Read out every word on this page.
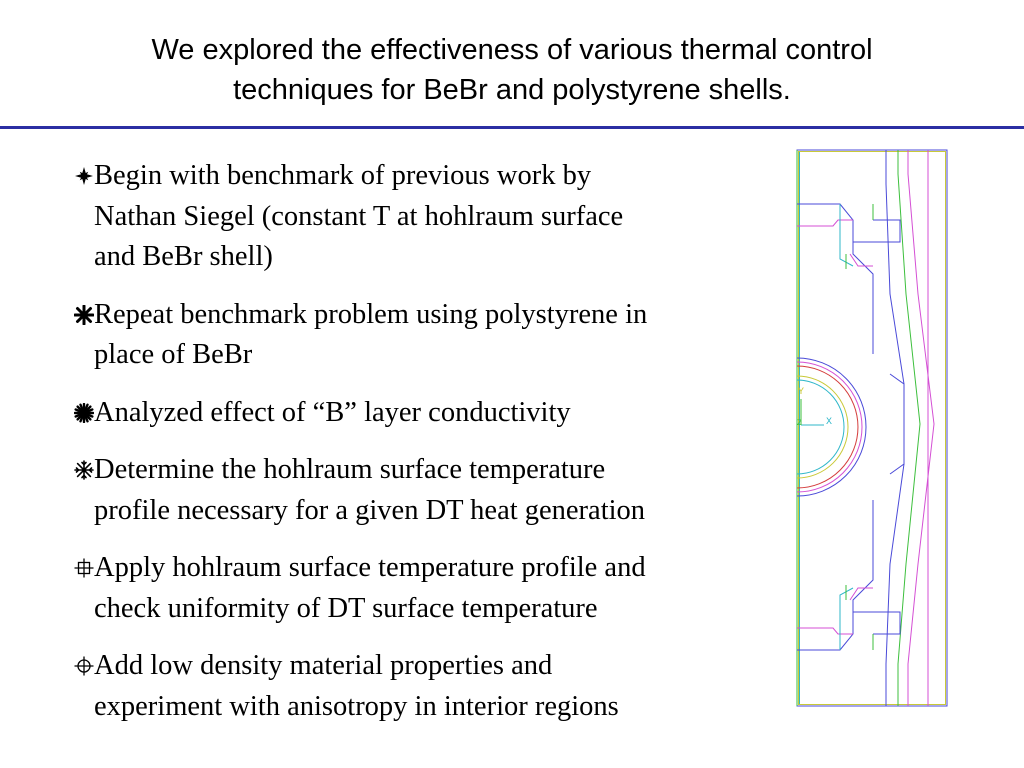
We explored the effectiveness of various thermal control
techniques for BeBr and polystyrene shells.
Begin with benchmark of previous work by
Nathan Siegel (constant T at hohlraum surface
and BeBr shell)
Repeat benchmark problem using polystyrene in
place of BeBr
Analyzed effect of “B” layer conductivity
Determine the hohlraum surface temperature
profile necessary for a given DT heat generation
Apply hohlraum surface temperature profile and
check uniformity of DT surface temperature
Add low density material properties and
experiment with anisotropy in interior regions
Y
X
Z
